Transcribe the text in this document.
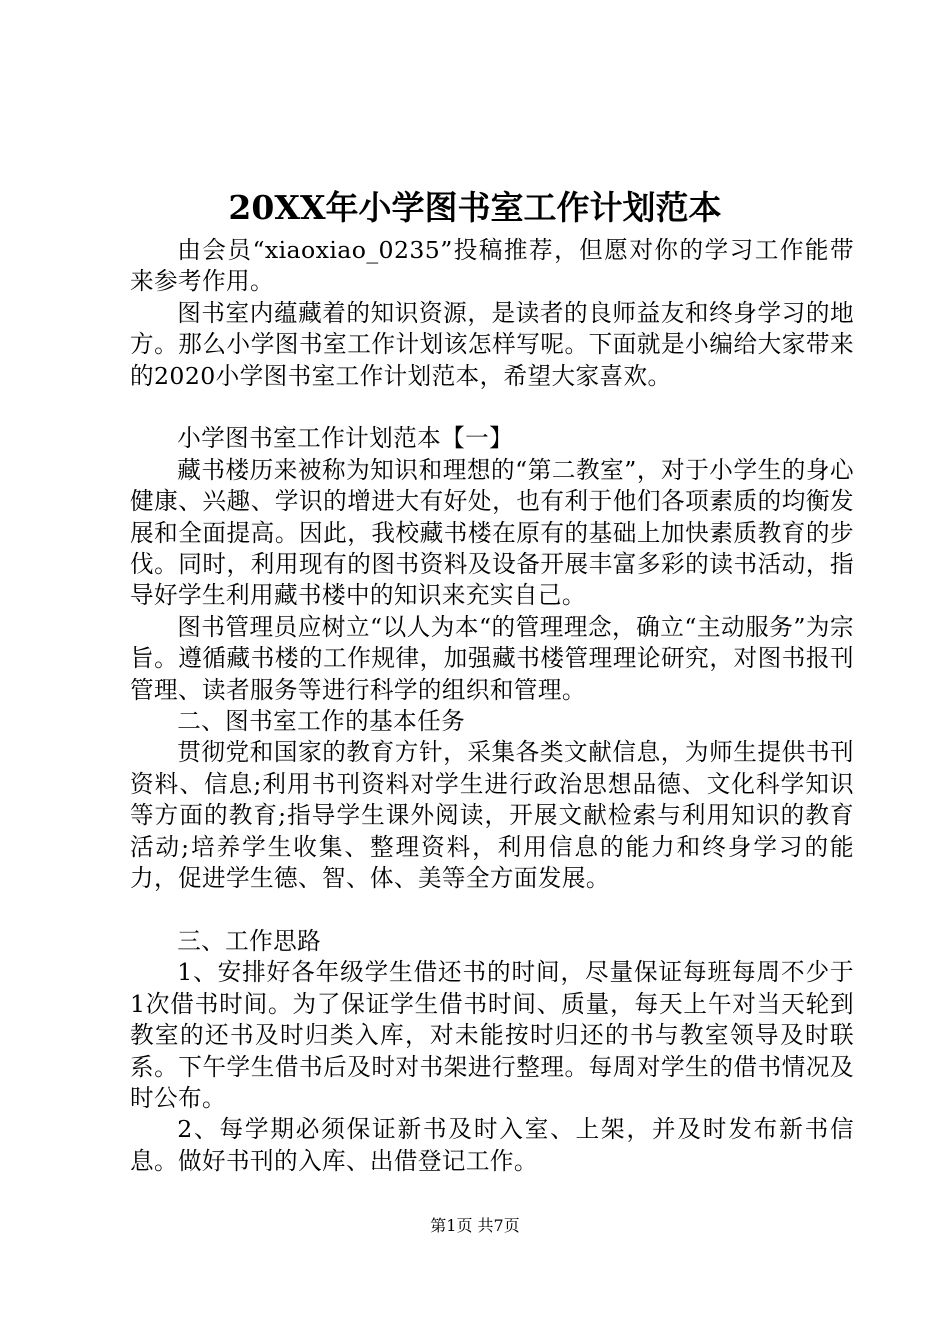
20XX年小学图书室工作计划范本

由会员“xiaoxiao_0235”投稿推荐，但愿对你的学习工作能带来参考作用。

图书室内蕴藏着的知识资源，是读者的良师益友和终身学习的地方。那么小学图书室工作计划该怎样写呢。下面就是小编给大家带来的2020小学图书室工作计划范本，希望大家喜欢。

小学图书室工作计划范本【一】

藏书楼历来被称为知识和理想的“第二教室”，对于小学生的身心健康、兴趣、学识的增进大有好处，也有利于他们各项素质的均衡发展和全面提高。因此，我校藏书楼在原有的基础上加快素质教育的步伐。同时，利用现有的图书资料及设备开展丰富多彩的读书活动，指导好学生利用藏书楼中的知识来充实自己。

图书管理员应树立“以人为本“的管理理念，确立“主动服务”为宗旨。遵循藏书楼的工作规律，加强藏书楼管理理论研究，对图书报刊管理、读者服务等进行科学的组织和管理。

二、图书室工作的基本任务

贯彻党和国家的教育方针，采集各类文献信息，为师生提供书刊资料、信息;利用书刊资料对学生进行政治思想品德、文化科学知识等方面的教育;指导学生课外阅读，开展文献检索与利用知识的教育活动;培养学生收集、整理资料，利用信息的能力和终身学习的能力，促进学生德、智、体、美等全方面发展。

三、工作思路

1、安排好各年级学生借还书的时间，尽量保证每班每周不少于1次借书时间。为了保证学生借书时间、质量，每天上午对当天轮到教室的还书及时归类入库，对未能按时归还的书与教室领导及时联系。下午学生借书后及时对书架进行整理。每周对学生的借书情况及时公布。

2、每学期必须保证新书及时入室、上架，并及时发布新书信息。做好书刊的入库、出借登记工作。

第1页 共7页
